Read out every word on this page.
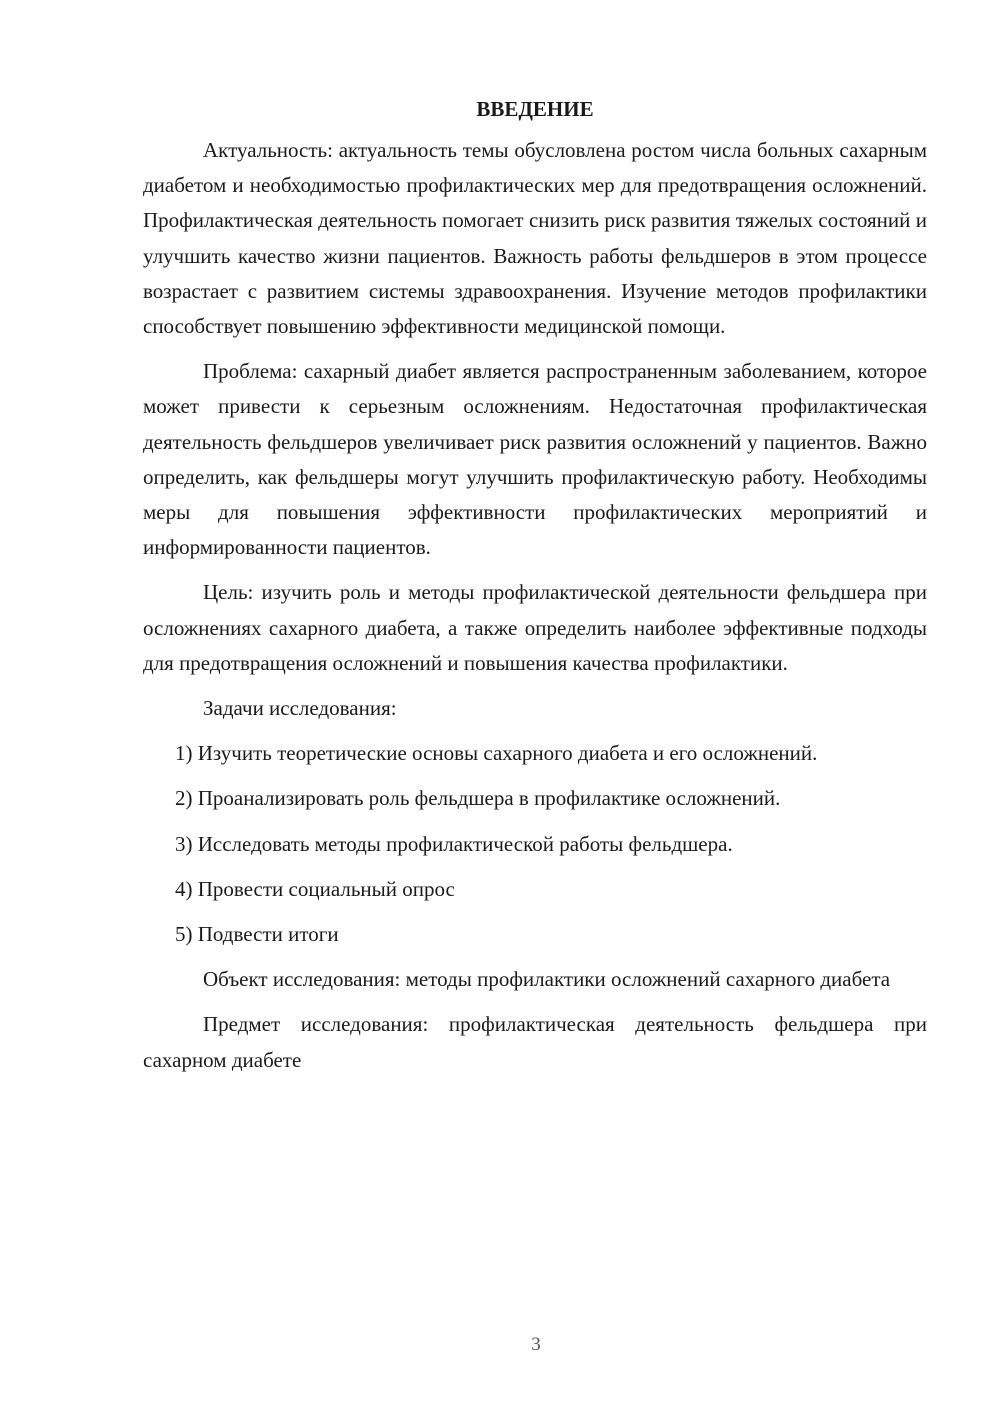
ВВЕДЕНИЕ

Актуальность: актуальность темы обусловлена ростом числа больных сахарным диабетом и необходимостью профилактических мер для предотвращения осложнений. Профилактическая деятельность помогает снизить риск развития тяжелых состояний и улучшить качество жизни пациентов. Важность работы фельдшеров в этом процессе возрастает с развитием системы здравоохранения. Изучение методов профилактики способствует повышению эффективности медицинской помощи.

Проблема: сахарный диабет является распространенным заболеванием, которое может привести к серьезным осложнениям. Недостаточная профилактическая деятельность фельдшеров увеличивает риск развития осложнений у пациентов. Важно определить, как фельдшеры могут улучшить профилактическую работу. Необходимы меры для повышения эффективности профилактических мероприятий и информированности пациентов.

Цель: изучить роль и методы профилактической деятельности фельдшера при осложнениях сахарного диабета, а также определить наиболее эффективные подходы для предотвращения осложнений и повышения качества профилактики.

Задачи исследования:

1) Изучить теоретические основы сахарного диабета и его осложнений.

2) Проанализировать роль фельдшера в профилактике осложнений.

3) Исследовать методы профилактической работы фельдшера.

4) Провести социальный опрос

5) Подвести итоги

Объект исследования: методы профилактики осложнений сахарного диабета

Предмет исследования: профилактическая деятельность фельдшера при сахарном диабете

3
